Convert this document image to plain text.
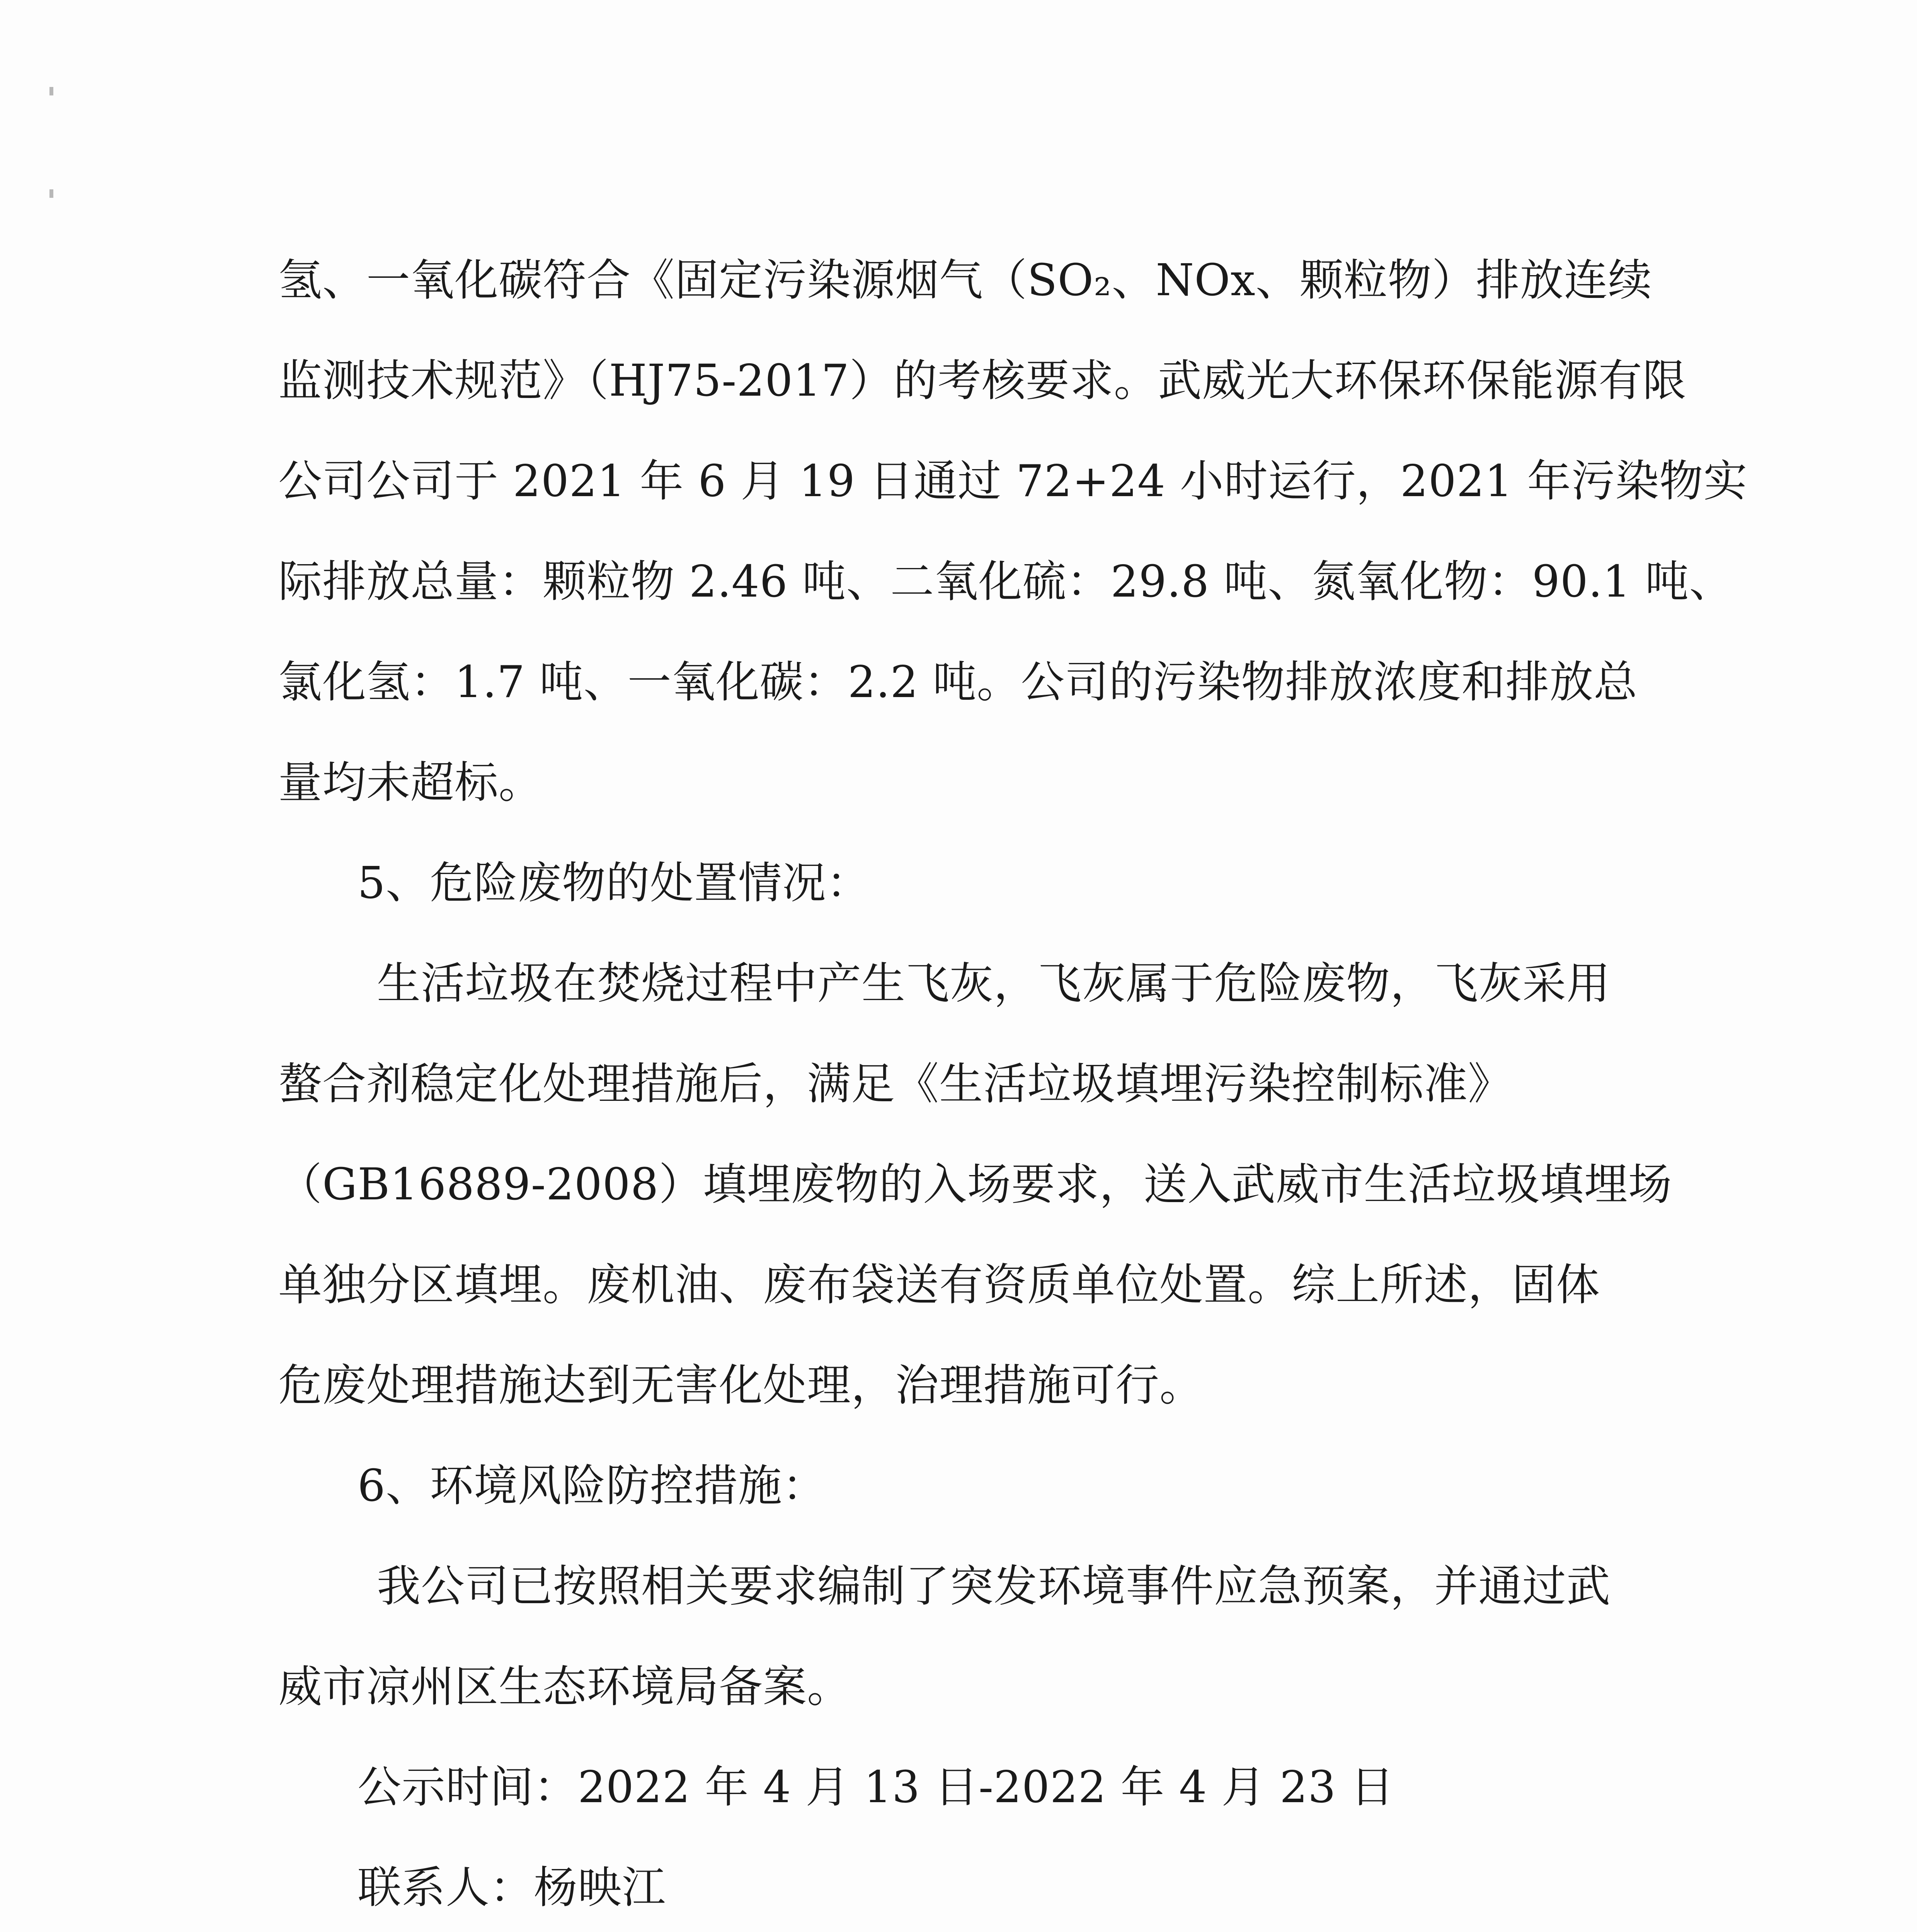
氢、一氧化碳符合《固定污染源烟气（SO₂、NOx、颗粒物）排放连续
监测技术规范》（HJ75-2017）的考核要求。武威光大环保环保能源有限
公司公司于 2021 年 6 月 19 日通过 72+24 小时运行，2021 年污染物实
际排放总量：颗粒物 2.46 吨、二氧化硫：29.8 吨、氮氧化物：90.1 吨、
氯化氢：1.7 吨、一氧化碳：2.2 吨。公司的污染物排放浓度和排放总
量均未超标。
5、危险废物的处置情况：
生活垃圾在焚烧过程中产生飞灰，飞灰属于危险废物，飞灰采用
螯合剂稳定化处理措施后，满足《生活垃圾填埋污染控制标准》
（GB16889-2008）填埋废物的入场要求，送入武威市生活垃圾填埋场
单独分区填埋。废机油、废布袋送有资质单位处置。综上所述，固体
危废处理措施达到无害化处理，治理措施可行。
6、环境风险防控措施：
我公司已按照相关要求编制了突发环境事件应急预案，并通过武
威市凉州区生态环境局备案。
公示时间：2022 年 4 月 13 日-2022 年 4 月 23 日
联系人：杨映江
